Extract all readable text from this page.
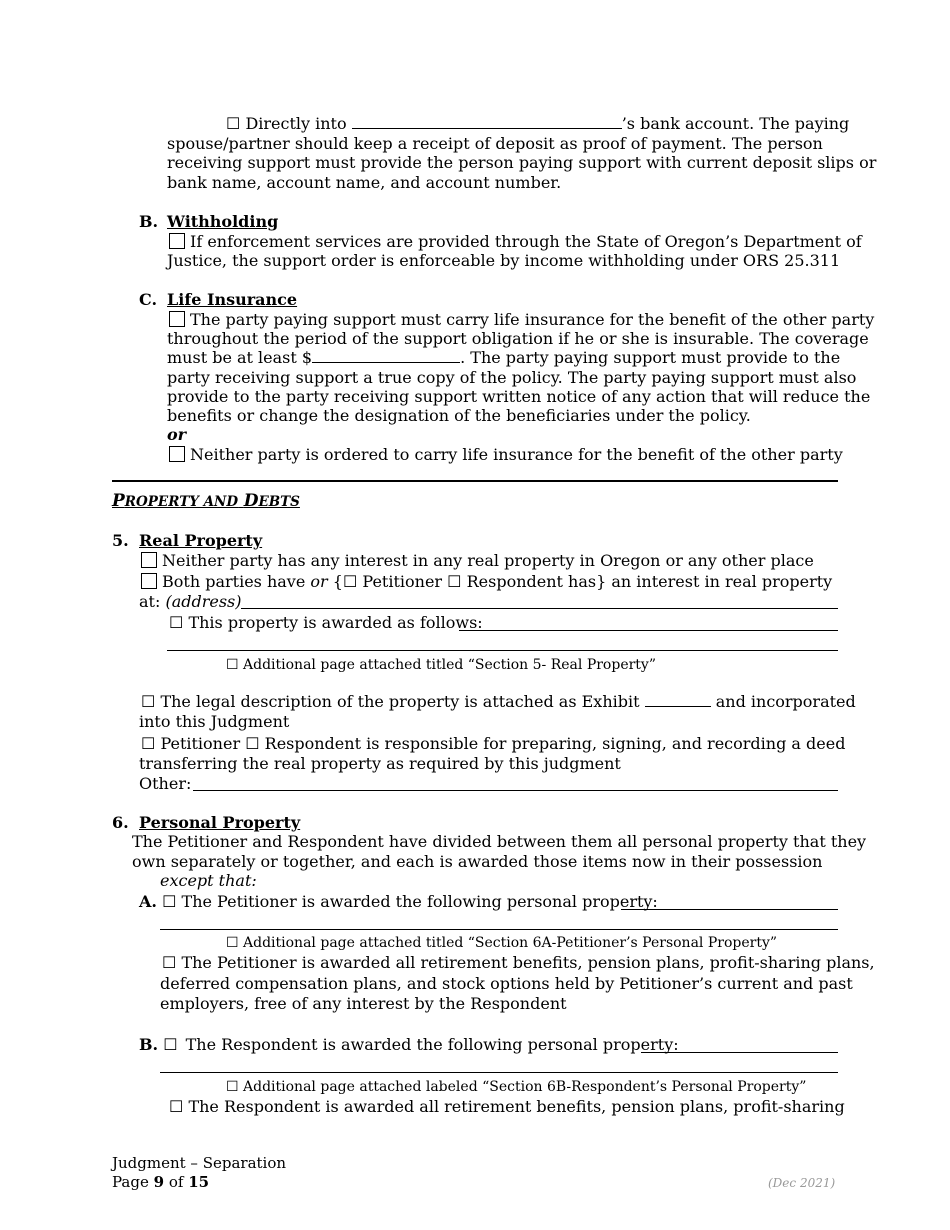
☐ Directly into	’s bank account. The paying
spouse/partner should keep a receipt of deposit as proof of payment. The person
receiving support must provide the person paying support with current deposit slips or
bank name, account name, and account number.
B. Withholding
If enforcement services are provided through the State of Oregon’s Department of
Justice, the support order is enforceable by income withholding under ORS 25.311
C. Life Insurance
The party paying support must carry life insurance for the benefit of the other party
throughout the period of the support obligation if he or she is insurable. The coverage
must be at least $	. The party paying support must provide to the
party receiving support a true copy of the policy. The party paying support must also
provide to the party receiving support written notice of any action that will reduce the
benefits or change the designation of the beneficiaries under the policy.
or
Neither party is ordered to carry life insurance for the benefit of the other party
PROPERTY AND DEBTS
5. Real Property
Neither party has any interest in any real property in Oregon or any other place
Both parties have or {☐ Petitioner ☐ Respondent has} an interest in real property
at: (address)
☐ This property is awarded as follows:
☐ Additional page attached titled “Section 5- Real Property”
☐ The legal description of the property is attached as Exhibit	and incorporated
into this Judgment
☐ Petitioner ☐ Respondent is responsible for preparing, signing, and recording a deed
transferring the real property as required by this judgment
Other:
6. Personal Property
The Petitioner and Respondent have divided between them all personal property that they
own separately or together, and each is awarded those items now in their possession
except that:
A. ☐ The Petitioner is awarded the following personal property:
☐ Additional page attached titled “Section 6A-Petitioner’s Personal Property”
☐ The Petitioner is awarded all retirement benefits, pension plans, profit-sharing plans,
deferred compensation plans, and stock options held by Petitioner’s current and past
employers, free of any interest by the Respondent
B. ☐ The Respondent is awarded the following personal property:
☐ Additional page attached labeled “Section 6B-Respondent’s Personal Property”
☐ The Respondent is awarded all retirement benefits, pension plans, profit-sharing
Judgment – Separation
Page 9 of 15	(Dec 2021)
